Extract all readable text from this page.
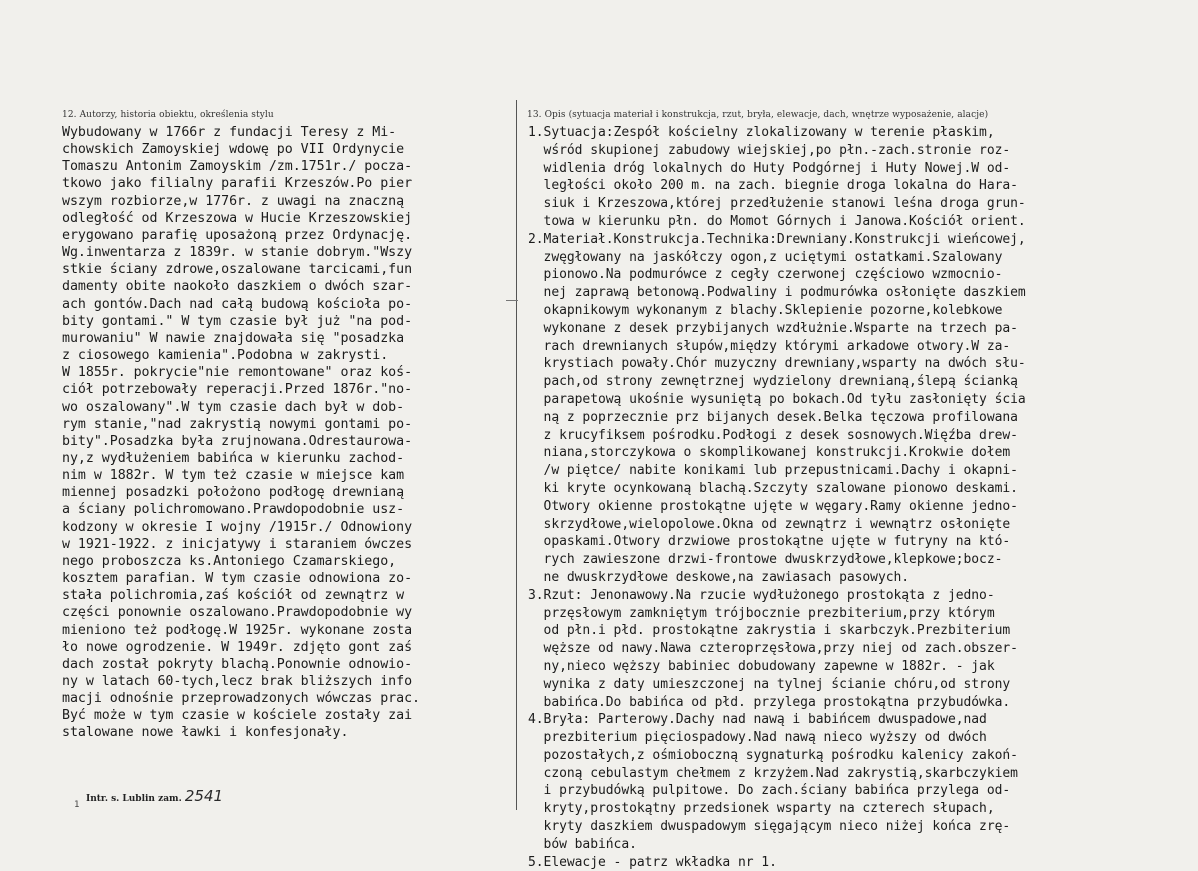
12. Autorzy, historia obiektu, określenia stylu	13. Opis (sytuacja materiał i konstrukcja, rzut, bryła, elewacje, dach, wnętrze wyposażenie, alacje)

Wybudowany w 1766r z fundacji Teresy z Mi-

chowskich Zamoyskiej wdowę po VII Ordynycie

Tomaszu Antonim Zamoyskim /zm.1751r./ pocza-

tkowo jako filialny parafii Krzeszów.Po pier

wszym rozbiorze,w 1776r. z uwagi na znaczną

odległość od Krzeszowa w Hucie Krzeszowskiej

erygowano parafię uposażoną przez Ordynację.

Wg.inwentarza z 1839r. w stanie dobrym."Wszy

stkie ściany zdrowe,oszalowane tarcicami,fun

damenty obite naokoło daszkiem o dwóch szar-

ach gontów.Dach nad całą budową kościoła po-

bity gontami." W tym czasie był już "na pod-

murowaniu" W nawie znajdowała się "posadzka

z ciosowego kamienia".Podobna w zakrysti.

W 1855r. pokrycie"nie remontowane" oraz koś-

ciół potrzebowały reperacji.Przed 1876r."no-

wo oszalowany".W tym czasie dach był w dob-

rym stanie,"nad zakrystią nowymi gontami po-

bity".Posadzka była zrujnowana.Odrestaurowa-

ny,z wydłużeniem babińca w kierunku zachod-

nim w 1882r. W tym też czasie w miejsce kam

miennej posadzki położono podłogę drewnianą

a ściany polichromowano.Prawdopodobnie usz-

kodzony w okresie I wojny /1915r./ Odnowiony

w 1921-1922. z inicjatywy i staraniem ówczes

nego proboszcza ks.Antoniego Czamarskiego,

kosztem parafian. W tym czasie odnowiona zo-

stała polichromia,zaś kościół od zewnątrz w

części ponownie oszalowano.Prawdopodobnie wy

mieniono też podłogę.W 1925r. wykonane zosta

ło nowe ogrodzenie. W 1949r. zdjęto gont zaś

dach został pokryty blachą.Ponownie odnowio-

ny w latach 60-tych,lecz brak bliższych info

macji odnośnie przeprowadzonych wówczas prac.

Być może w tym czasie w kościele zostały zai

stalowane nowe ławki i konfesjonały.

1.Sytuacja:Zespół kościelny zlokalizowany w terenie płaskim,

wśród skupionej zabudowy wiejskiej,po płn.-zach.stronie roz-

widlenia dróg lokalnych do Huty Podgórnej i Huty Nowej.W od-

ległości około 200 m. na zach. biegnie droga lokalna do Hara-

siuk i Krzeszowa,której przedłużenie stanowi leśna droga grun-

towa w kierunku płn. do Momot Górnych i Janowa.Kościół orient.

2.Materiał.Konstrukcja.Technika:Drewniany.Konstrukcji wieńcowej,

zwęgłowany na jaskółczy ogon,z uciętymi ostatkami.Szalowany

pionowo.Na podmurówce z cegły czerwonej częściowo wzmocnio-

nej zaprawą betonową.Podwaliny i podmurówka osłonięte daszkiem

okapnikowym wykonanym z blachy.Sklepienie pozorne,kolebkowe

wykonane z desek przybijanych wzdłużnie.Wsparte na trzech pa-

rach drewnianych słupów,między którymi arkadowe otwory.W za-

krystiach powały.Chór muzyczny drewniany,wsparty na dwóch słu-

pach,od strony zewnętrznej wydzielony drewnianą,ślepą ścianką

parapetową ukośnie wysuniętą po bokach.Od tyłu zasłonięty ścia

ną z poprzecznie prz bijanych desek.Belka tęczowa profilowana

z krucyfiksem pośrodku.Podłogi z desek sosnowych.Więźba drew-

niana,storczykowa o skomplikowanej konstrukcji.Krokwie dołem

/w piętce/ nabite konikami lub przepustnicami.Dachy i okapni-

ki kryte ocynkowaną blachą.Szczyty szalowane pionowo deskami.

Otwory okienne prostokątne ujęte w węgary.Ramy okienne jedno-

skrzydłowe,wielopolowe.Okna od zewnątrz i wewnątrz osłonięte

opaskami.Otwory drzwiowe prostokątne ujęte w futryny na któ-

rych zawieszone drzwi-frontowe dwuskrzydłowe,klepkowe;bocz-

ne dwuskrzydłowe deskowe,na zawiasach pasowych.

3.Rzut: Jenonawowy.Na rzucie wydłużonego prostokąta z jedno-

przęsłowym zamkniętym trójbocznie prezbiterium,przy którym

od płn.i płd. prostokątne zakrystia i skarbczyk.Prezbiterium

węższe od nawy.Nawa czteroprzęsłowa,przy niej od zach.obszer-

ny,nieco węższy babiniec dobudowany zapewne w 1882r. - jak

wynika z daty umieszczonej na tylnej ścianie chóru,od strony

babińca.Do babińca od płd. przylega prostokątna przybudówka.

4.Bryła: Parterowy.Dachy nad nawą i babińcem dwuspadowe,nad

prezbiterium pięciospadowy.Nad nawą nieco wyższy od dwóch

pozostałych,z ośmioboczną sygnaturką pośrodku kalenicy zakoń-

czoną cebulastym chełmem z krzyżem.Nad zakrystią,skarbczykiem

i przybudówką pulpitowe. Do zach.ściany babińca przylega od-

kryty,prostokątny przedsionek wsparty na czterech słupach,

kryty daszkiem dwuspadowym sięgającym nieco niżej końca zrę-

bów babińca.

5.Elewacje - patrz wkładka nr 1.

Intr. s. Lublin zam. 2541
1
